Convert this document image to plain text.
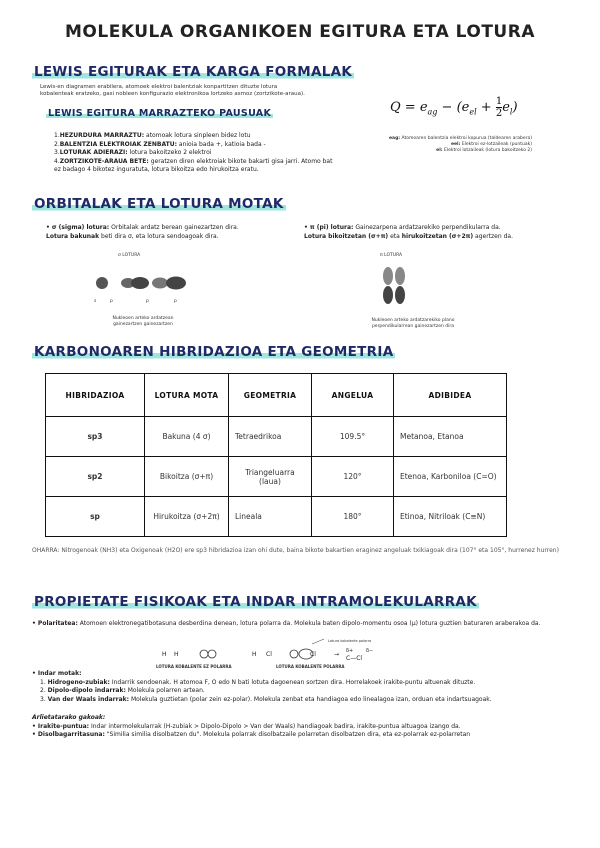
MOLEKULA ORGANIKOEN EGITURA ETA LOTURA
LEWIS EGITURAK ETA KARGA FORMALAK
Lewis-en diagramen erabilera, atomoek elektroi balentziak konpartitzen dituzte lotura kobalenteak eratzeko, gasi nobleen konfigurazio elektronikoa lortzeko asmoz (zortzikote-araua).
LEWIS EGITURA MARRAZTEKO PAUSUAK
1.HEZURDURA MARRAZTU: atomoak lotura sinpleen bidez lotu
2.BALENTZIA ELEKTROIAK ZENBATU: anioia bada +, katioia bada -
3.LOTURAK ADIERAZI: lotura bakoitzeko 2 elektroi
4.ZORTZIKOTE-ARAUA BETE: geratzen diren elektroiak bikote bakarti gisa jarri. Atomo bat ez badago 4 bikotez inguratuta, lotura bikoitza edo hirukoitza eratu.
$Q = e_{ag} - (e_{el} + 1$
$2e_l$)
eag: Atomoaren balentzia elektroi kopurua (taldearen arabera)
eel: Elektroi ez-lotzaileak (puntuak)
el: Elektroi lotzaileak (lotura bakoitzeko 2)
ORBITALAK ETA LOTURA MOTAK
• σ (sigma) lotura: Orbitalak ardatz berean gainezartzen dira.
Lotura bakunak beti dira σ, eta lotura sendoagoak dira.
• π (pi) lotura: Gainezarpena ardatzarekiko perpendikularra da.
Lotura bikoitzetan (σ+π) eta hirukoitzetan (σ+2π) agertzen da.
σ LOTURA
s	p	p	p
Nukleoen arteko ardatzean gainezartzen gainezartzen
π LOTURA
Nukleoen arteko ardatzarekiko plano perpendikularrean gainezartzen dira
KARBONOAREN HIBRIDAZIOA ETA GEOMETRIA
HIBRIDAZIOA	LOTURA MOTA	GEOMETRIA	ANGELUA	ADIBIDEA
sp3	Bakuna (4 σ)	Tetraedrikoa	109.5°	Metanoa, Etanoa
sp2	Bikoitza (σ+π)	Triangeluarra (laua)	120°	Etenoa, Karboniloa (C=O)
sp	Hirukoitza (σ+2π)	Lineala	180°	Etinoa, Nitriloak (C≡N)
OHARRA: Nitrogenoak (NH3) eta Oxigenoak (H2O) ere sp3 hibridazioa izan ohi dute, baina bikote bakartien eraginez angeluak txikiagoak dira (107° eta 105°, hurrenez hurren)
PROPIETATE FISIKOAK ETA INDAR INTRAMOLEKULARRAK
• Polaritatea: Atomoen elektronegatibotasuna desberdina denean, lotura polarra da. Molekula baten dipolo-momentu osoa (μ) lotura guztien baturaren araberakoa da.
H H	H Cl	Cl	→ δ+	δ−
C—Cl
Lotura kobalente polarra
LOTURA KOBALENTE EZ POLARRA	LOTURA KOBALENTE POLARRA
• Indar motak:
1. Hidrogeno-zubiak: Indarrik sendoenak. H atomoa F, O edo N bati lotuta dagoenean sortzen dira. Horrelakoek irakite-puntu altuenak dituzte.
2. Dipolo-dipolo indarrak: Molekula polarren artean.
3. Van der Waals indarrak: Molekula guztietan (polar zein ez-polar). Molekula zenbat eta handiagoa edo linealagoa izan, orduan eta indartsuagoak.
Arlietatarako gakoak:
• Irakite-puntua: Indar intermolekularrak (H-zubiak > Dipolo-Dipolo > Van der Waals) handiagoak badira, irakite-puntua altuagoa izango da.
• Disolbagarritasuna: "Similia similia disolbatzen du". Molekula polarrak disolbatzaile polarretan disolbatzen dira, eta ez-polarrak ez-polarretan
